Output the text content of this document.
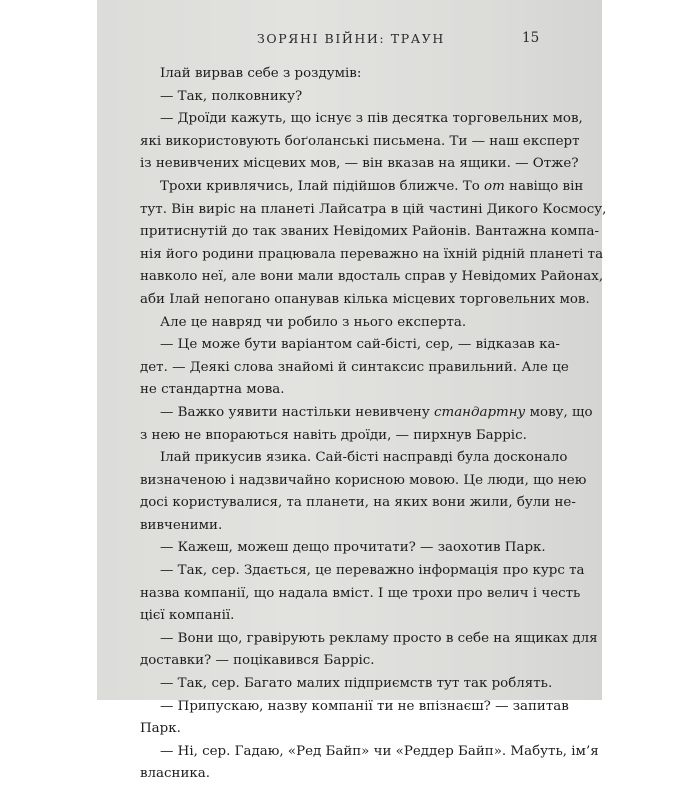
ЗОРЯНІ ВІЙНИ: ТРАУН	15
Ілай вирвав себе з роздумів:
— Так, полковнику?
— Дроїди кажуть, що існує з пів десятка торговельних мов,
які використовують боґоланські письмена. Ти — наш експерт
із невивчених місцевих мов, — він вказав на ящики. — Отже?
Трохи кривлячись, Ілай підійшов ближче. То от навіщо він
тут. Він виріс на планеті Лайсатра в цій частині Дикого Космосу,
притиснутій до так званих Невідомих Районів. Вантажна компа-
нія його родини працювала переважно на їхній рідній планеті та
навколо неї, але вони мали вдосталь справ у Невідомих Районах,
аби Ілай непогано опанував кілька місцевих торговельних мов.
Але це навряд чи робило з нього експерта.
— Це може бути варіантом сай-бісті, сер, — відказав ка-
дет. — Деякі слова знайомі й синтаксис правильний. Але це
не стандартна мова.
— Важко уявити настільки невивчену стандартну мову, що
з нею не впораються навіть дроїди, — пирхнув Барріс.
Ілай прикусив язика. Сай-бісті насправді була досконало
визначеною і надзвичайно корисною мовою. Це люди, що нею
досі користувалися, та планети, на яких вони жили, були не-
вивченими.
— Кажеш, можеш дещо прочитати? — заохотив Парк.
— Так, сер. Здається, це переважно інформація про курс та
назва компанії, що надала вміст. І ще трохи про велич і честь
цієї компанії.
— Вони що, гравірують рекламу просто в себе на ящиках для
доставки? — поцікавився Барріс.
— Так, сер. Багато малих підприємств тут так роблять.
— Припускаю, назву компанії ти не впізнаєш? — запитав
Парк.
— Ні, сер. Гадаю, «Ред Байп» чи «Реддер Байп». Мабуть, ім’я
власника.
